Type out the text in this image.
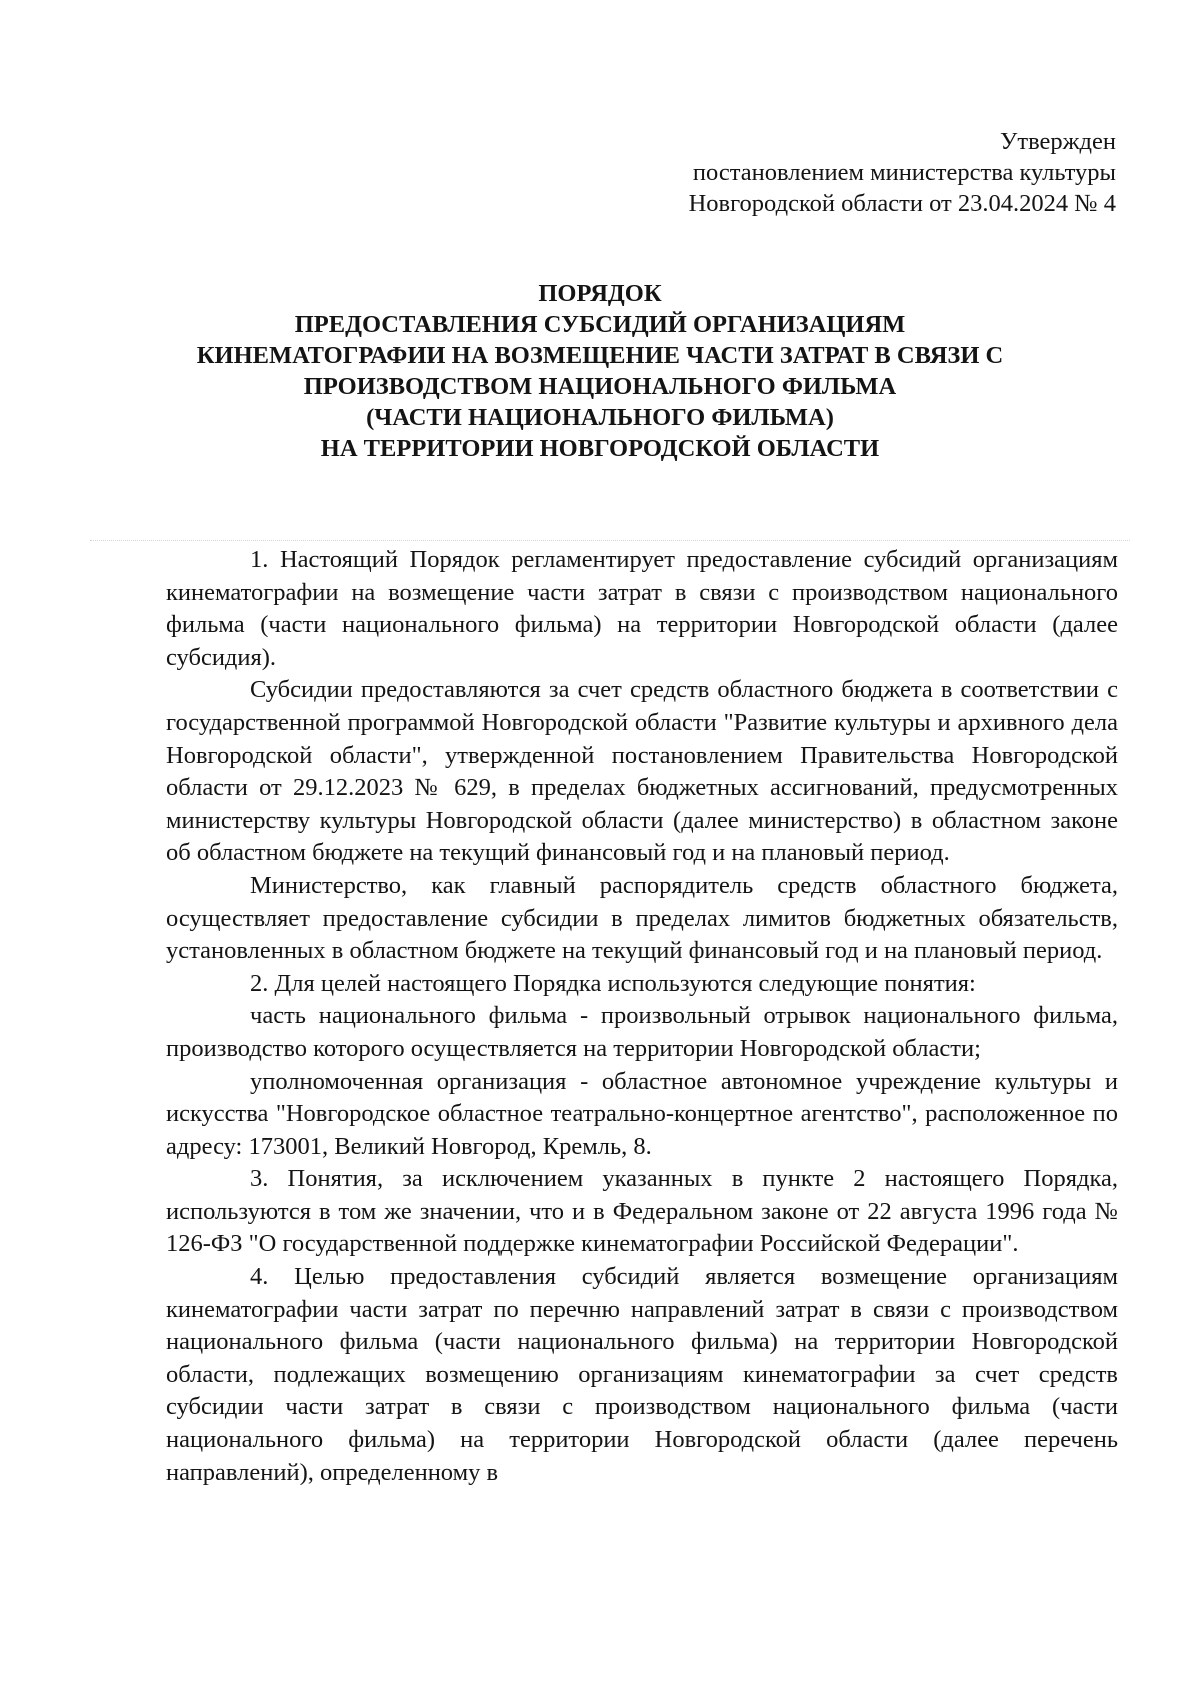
Утвержден
постановлением министерства культуры
Новгородской области от 23.04.2024 № 4
ПОРЯДОК
ПРЕДОСТАВЛЕНИЯ СУБСИДИЙ ОРГАНИЗАЦИЯМ
КИНЕМАТОГРАФИИ НА ВОЗМЕЩЕНИЕ ЧАСТИ ЗАТРАТ В СВЯЗИ С
ПРОИЗВОДСТВОМ НАЦИОНАЛЬНОГО ФИЛЬМА
(ЧАСТИ НАЦИОНАЛЬНОГО ФИЛЬМА)
НА ТЕРРИТОРИИ НОВГОРОДСКОЙ ОБЛАСТИ

1. Настоящий Порядок регламентирует предоставление субсидий организациям кинематографии на возмещение части затрат в связи с производством национального фильма (части национального фильма) на территории Новгородской области (далее субсидия).

Субсидии предоставляются за счет средств областного бюджета в соответствии с государственной программой Новгородской области "Развитие культуры и архивного дела Новгородской области", утвержденной постановлением Правительства Новгородской области от 29.12.2023 № 629, в пределах бюджетных ассигнований, предусмотренных министерству культуры Новгородской области (далее министерство) в областном законе об областном бюджете на текущий финансовый год и на плановый период.

Министерство, как главный распорядитель средств областного бюджета, осуществляет предоставление субсидии в пределах лимитов бюджетных обязательств, установленных в областном бюджете на текущий финансовый год и на плановый период.

2. Для целей настоящего Порядка используются следующие понятия:

часть национального фильма - произвольный отрывок национального фильма, производство которого осуществляется на территории Новгородской области;

уполномоченная организация - областное автономное учреждение культуры и искусства "Новгородское областное театрально-концертное агентство", расположенное по адресу: 173001, Великий Новгород, Кремль, 8.

3. Понятия, за исключением указанных в пункте 2 настоящего Порядка, используются в том же значении, что и в Федеральном законе от 22 августа 1996 года № 126-ФЗ "О государственной поддержке кинематографии Российской Федерации".

4. Целью предоставления субсидий является возмещение организациям кинематографии части затрат по перечню направлений затрат в связи с производством национального фильма (части национального фильма) на территории Новгородской области, подлежащих возмещению организациям кинематографии за счет средств субсидии части затрат в связи с производством национального фильма (части национального фильма) на территории Новгородской области (далее перечень направлений), определенному в
